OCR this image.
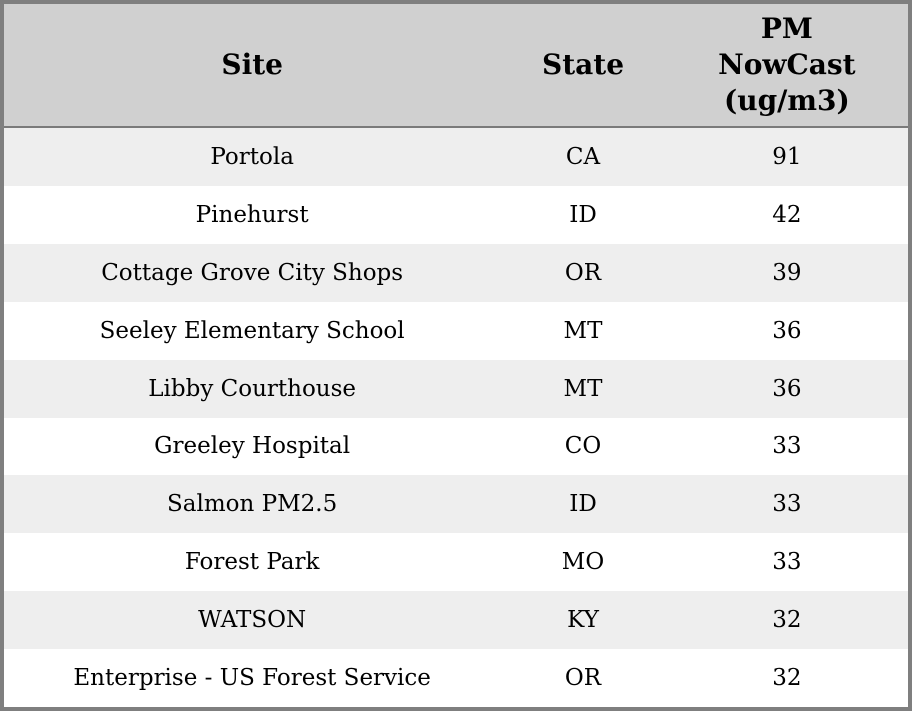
Site	State	PM NowCast (ug/m3)
Portola	CA	91
Pinehurst	ID	42
Cottage Grove City Shops	OR	39
Seeley Elementary School	MT	36
Libby Courthouse	MT	36
Greeley Hospital	CO	33
Salmon PM2.5	ID	33
Forest Park	MO	33
WATSON	KY	32
Enterprise - US Forest Service	OR	32
